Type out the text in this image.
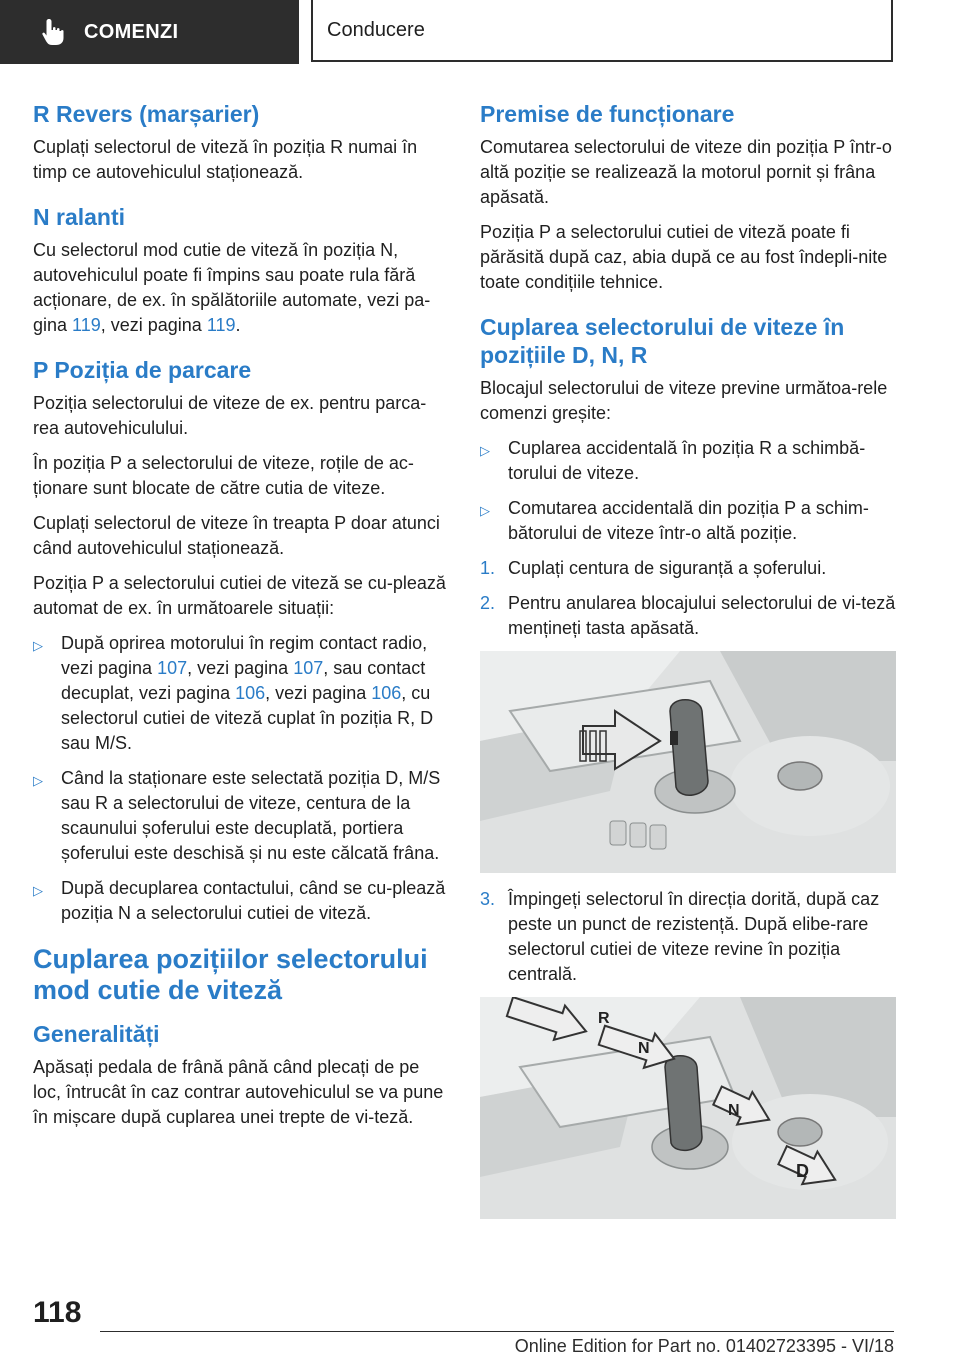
COMENZI	Conducere
R Revers (marșarier)

Cuplați selectorul de viteză în poziția R numai în timp ce autovehiculul staționează.

N ralanti

Cu selectorul mod cutie de viteză în poziția N, autovehiculul poate fi împins sau poate rula fără acționare, de ex. în spălătoriile automate, vezi pa-gina 119, vezi pagina 119.

P Poziția de parcare

Poziția selectorului de viteze de ex. pentru parca-rea autovehiculului.

În poziția P a selectorului de viteze, roțile de ac-ționare sunt blocate de către cutia de viteze.

Cuplați selectorul de viteze în treapta P doar atunci când autovehiculul staționează.

Poziția P a selectorului cutiei de viteză se cu-plează automat de ex. în următoarele situații:

▷ După oprirea motorului în regim contact radio, vezi pagina 107, vezi pagina 107, sau contact decuplat, vezi pagina 106, vezi pagina 106, cu selectorul cutiei de viteză cuplat în poziția R, D sau M/S.
▷ Când la staționare este selectată poziția D, M/S sau R a selectorului de viteze, centura de la scaunului șoferului este decuplată, portiera șoferului este deschisă și nu este călcată frâna.
▷ După decuplarea contactului, când se cu-plează poziția N a selectorului cutiei de viteză.
Cuplarea pozițiilor selectorului mod cutie de viteză
Generalități

Apăsați pedala de frână până când plecați de pe loc, întrucât în caz contrar autovehiculul se va pune în mișcare după cuplarea unei trepte de vi-teză.

Premise de funcționare

Comutarea selectorului de viteze din poziția P într-o altă poziție se realizează la motorul pornit și frâna apăsată.

Poziția P a selectorului cutiei de viteză poate fi părăsită după caz, abia după ce au fost îndepli-nite toate condițiile tehnice.

Cuplarea selectorului de viteze în pozițiile D, N, R

Blocajul selectorului de viteze previne următoa-rele comenzi greșite:

▷ Cuplarea accidentală în poziția R a schimbă-torului de viteze.
▷ Comutarea accidentală din poziția P a schim-bătorului de viteze într-o altă poziție.
1. Cuplați centura de siguranță a șoferului.
2. Pentru anularea blocajului selectorului de vi-teză mențineți tasta apăsată.
3. Împingeți selectorul în direcția dorită, după caz peste un punct de rezistență. După elibe-rare selectorul cutiei de viteze revine în poziția centrală.
R
N
N
D
118
Online Edition for Part no. 01402723395 - VI/18
